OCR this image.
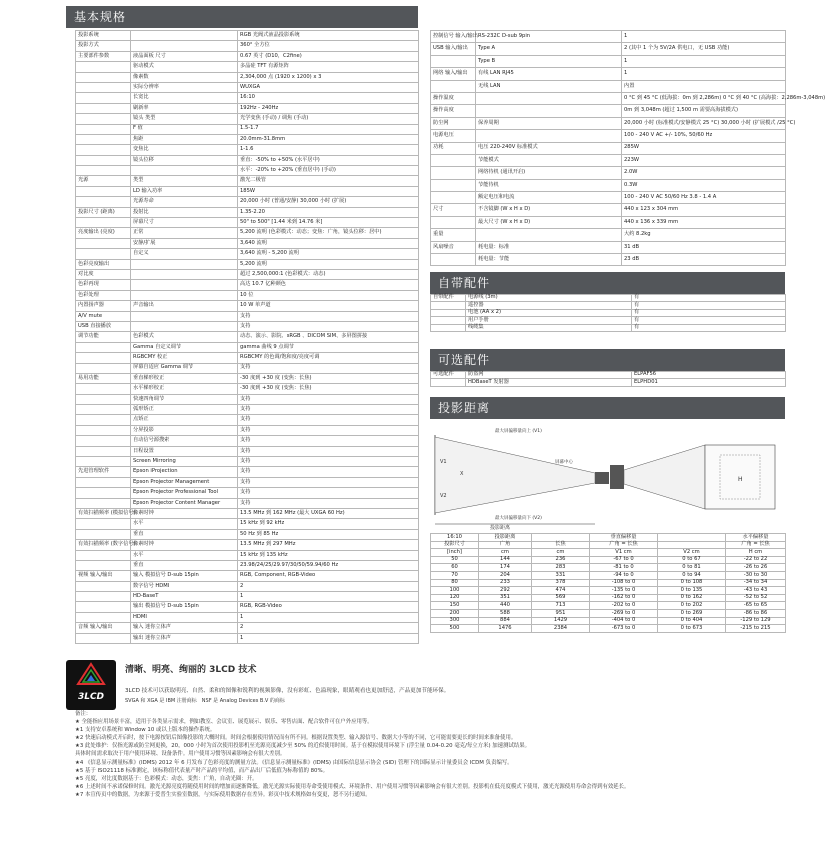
基本规格
投影系统		RGB 光阀式液晶投影系统
投影方式		360° 全方位
主要部件参数	液晶面板 尺寸	0.67 英寸 (D10，C2fine)
	驱动模式	多晶硅 TFT 有源矩阵
	像素数	2,304,000 点 (1920 x 1200) x 3
	实际分辨率	WUXGA
	长宽比	16:10
	刷新率	192Hz - 240Hz
	镜头 类型	光学变焦 (手动) / 调焦 (手动)
	F 值	1.5-1.7
	焦距	20.0mm-31.8mm
	变焦比	1-1.6
	镜头位移	垂直：-50% to +50% (水平居中)
		水平：-20% to +20% (垂直居中) (手动)
光源	类型	激光二极管
	LD 输入功率	185W
	光源寿命	20,000 小时 (普通/安静) 30,000 小时 (扩展)
投影尺寸 (距离)	投射比	1.35-2.20
	屏幕尺寸	50" to 500" [1.44 米到 14.76 米]
亮度输出 (亮度)	正常	5,200 流明 (色彩模式：动态；变焦：广角，镜头位移：居中)
	安静/扩展	3,640 流明
	自定义	3,640 流明 - 5,200 流明
色彩亮度输出		5,200 流明
对比度		超过 2,500,000:1 (色彩模式：动态)
色彩再现		高达 10.7 亿种颜色
色彩处理		10 位
内置扬声器	声音输出	10 W 单声道
A/V mute		支持
USB 直接播放		支持
调节功能	色彩模式	动态、演示、影院、sRGB 、DICOM SIM、多屏图拼接
	Gamma 自定义调节	gamma 曲线 9 点调节
	RGBCMY 校正	RGBCMY 的色调/饱和度/亮度可调
	屏幕自适应 Gamma 调节	支持
易用功能	垂直梯形校正	-30 度到 +30 度 (变焦：长焦)
	水平梯形校正	-30 度到 +30 度 (变焦：长焦)
	快速四角调节	支持
	弧形矫正	支持
	点矫正	支持
	分屏投影	支持
	自动信号源搜索	支持
	日程设置	支持
	Screen Mirroring	支持
先进管理软件	Epson iProjection	支持
	Epson Projector Management	支持
	Epson Projector Professional Tool	支持
	Epson Projector Content Manager	支持
有效扫描频率 (模拟信号)	像素时钟	13.5 MHz 到 162 MHz (最大 UXGA 60 Hz)
	水平	15 kHz 到 92 kHz
	垂直	50 Hz 到 85 Hz
有效扫描频率 (数字信号)	像素时钟	13.5 MHz 到 297 MHz
	水平	15 kHz 到 135 kHz
	垂直	23.98/24/25/29.97/30/50/59.94/60 Hz
视频 输入/输出	输入 模拟信号 D-sub 15pin	RGB, Component, RGB-Video
	数字信号 HDMI	2
	HD-BaseT	1
	输出 模拟信号 D-sub 15pin	RGB, RGB-Video
	HDMI	1
音频 输入/输出	输入 迷你立体声	2
	输出 迷你立体声	1
控制信号 输入/输出	RS-232C D-sub 9pin	1
USB 输入/输出	Type A	2 (其中 1 个为 5V/2A 供电口，无 USB 功能)
	Type B	1
网络 输入/输出	有线 LAN RJ45	1
	无线 LAN	内置
操作温度		0 °C 到 45 °C (低海拔：0m 到 2,286m) 0 °C 到 40 °C (高海拔：2,286m-3,048m)
操作高度		0m 到 3,048m (超过 1,500 m 需要高海拔模式)
防尘网	保养周期	20,000 小时 (标准模式/安静模式 25 °C) 30,000 小时 (扩展模式 /25 °C)
电源电压		100 - 240 V AC +/- 10%, 50/60 Hz
功耗	电压 220-240V 标准模式	285W
	节能模式	223W
	网络待机 (通讯开启)	2.0W
	节能待机	0.3W
	额定电压和电流	100 - 240 V AC 50/60 Hz 3.8 - 1.4 A
尺寸	不含镜脚 (W x H x D)	440 x 123 x 304 mm
	最大尺寸 (W x H x D)	440 x 136 x 339 mm
重量		大约 8.2kg
风扇噪音	耗电量：标准	31 dB
	耗电量：节能	23 dB
自带配件
自带配件	电源线 (3m)	有
	遥控器	有
	电池 (AA x 2)	有
	用户手册	有
	线缆集	有
可选配件
可选配件	防盗网	ELPAF56
	HDBaseT 发射器	ELPHD01
投影距离
投影距离
最大屏偏移量向上 (V1)
屏幕中心
最大屏偏移量向下 (V2)
X
V1
V2
H
16:10	投影距离		垂直偏移量		水平偏移量
投影尺寸	广角	长焦	广角 = 长焦		广角 = 长焦
[inch]	cm	cm	V1 cm	V2 cm	H cm
50	144	236	-67 to 0	0 to 67	-22 to 22
60	174	283	-81 to 0	0 to 81	-26 to 26
70	204	331	-94 to 0	0 to 94	-30 to 30
80	233	378	-108 to 0	0 to 108	-34 to 34
100	292	474	-135 to 0	0 to 135	-43 to 43
120	351	569	-162 to 0	0 to 162	-52 to 52
150	440	713	-202 to 0	0 to 202	-65 to 65
200	588	951	-269 to 0	0 to 269	-86 to 86
300	884	1429	-404 to 0	0 to 404	-129 to 129
500	1476	2384	-673 to 0	0 to 673	-215 to 215
3LCD
清晰、明亮、绚丽的 3LCD 技术
3LCD 技术可以获取明亮、自然、柔和的图像和锐利的视频影像，没有彩虹、色溢现象，眼睛观看也更加舒适，产品更加节能环保。
SVGA 和 XGA 是 IBM 注册商标　NSF 是 Analog Devices B.V 的商标
备注：
★ 全能指应用场景丰富，适用于各类显示需求，例如教室、会议室、展览展示、娱乐、零售店面、配合软件可在户外应用等。
★1 支持安卓系统和 Window 10 或以上版本的操作系统。
★2 快速启动模式开启时，按下电源按钮后图像投影的大概时间。时间会根据使用情况而有所不同。根据设置类型、输入源信号、数据大小等的不同，它可能需要更长的时间来准备使用。
★3 此处维护：仅指光源或防尘网更换，20，000 小时为首次使用投影机至光源亮度减少至 50% 的近似使用时间。基于在模拟使用环境下 (浮尘量 0.04-0.20 毫克/每立方米) 加速测试结果。
具体时间需求取决于用户使用环境、设备条件。用户使用习惯等因素影响会有很大差别。
★4 《信息显示测量标准》(IDMS) 2012 年 6 月发布了色彩亮度的测量方法。《信息显示测量标准》(IDMS) 由国际信息显示协会 (SID) 管理下的国际显示计量委员会 ICDM 负责编写。
★5 基于 ISO21118 标准测定，该标称值代表量产时产品的平均值，而产品出厂后低值为标称值的 80%。
★5 亮度，对比度数据基于：色彩模式：动态，变焦：广角，自动光圈：开。
★6 上述时间不承诺保修时间。激光光源亮度将随使用时间的增加而逐渐降低。激光光源实际使用寿命受使用模式、环境条件、用户使用习惯等因素影响会有很大差别。投影机在低亮度模式下使用，激光光源使用寿命会得到有效延长。
★7 本宣传页中的数据，为来源于爱普生实验室数据，与实际使用数据存在差异。彩页中技术规格如有变更，恕不另行通知。
